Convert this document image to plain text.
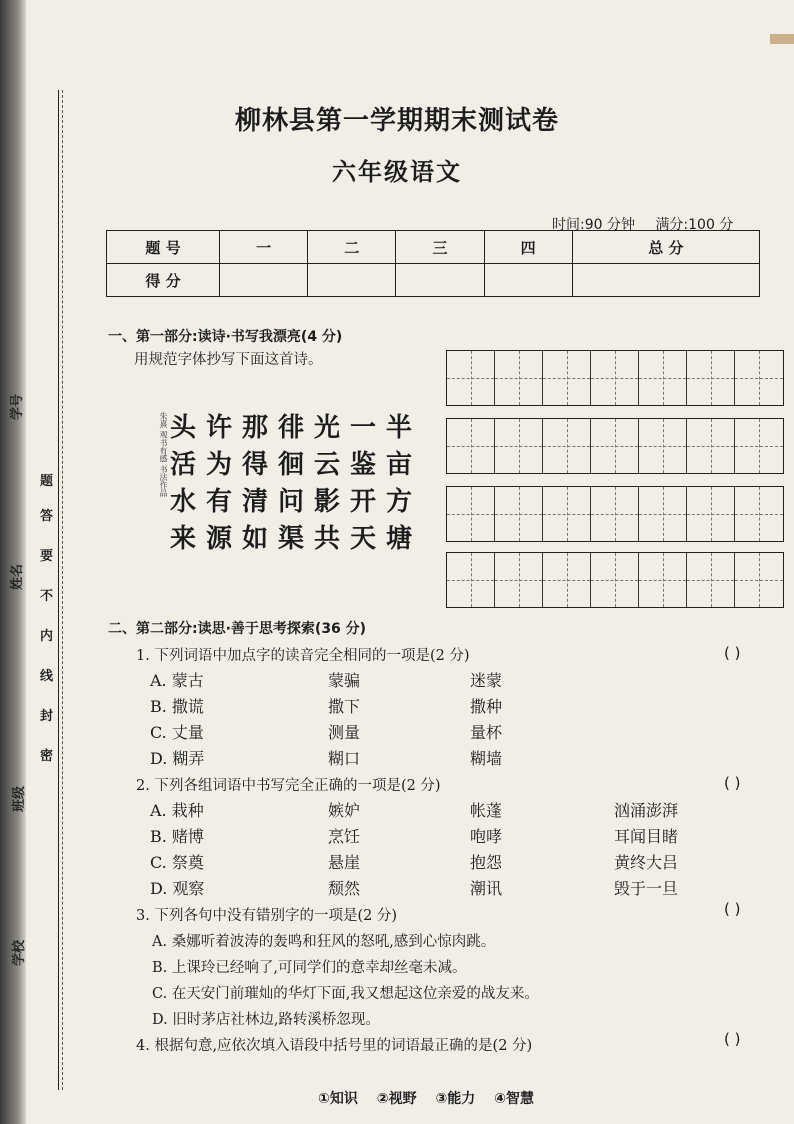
学号
姓名
班级
学校
题
答
要
不
内
线
封
密
柳林县第一学期期末测试卷
六年级语文
时间:90 分钟 满分:100 分
题 号	一	二	三	四	总 分
得 分					
一、第一部分:读诗·书写我漂亮(4 分)
用规范字体抄写下面这首诗。
朱熹 观书有感 书法作品 头许那徘光一半
活为得徊云鉴亩
水有清问影开方
来源如渠共天塘
二、第二部分:读思·善于思考探索(36 分)
1. 下列词语中加点字的读音完全相同的一项是(2 分)	( )
A. 蒙古	蒙骗	迷蒙
B. 撒谎	撒下	撒种
C. 丈量	测量	量杯
D. 糊弄	糊口	糊墙
2. 下列各组词语中书写完全正确的一项是(2 分)	( )
A. 栽种	嫉妒	帐蓬	汹涌澎湃
B. 赌博	烹饪	咆哮	耳闻目睹
C. 祭奠	悬崖	抱怨	黄终大吕
D. 观察	颓然	潮讯	毁于一旦
3. 下列各句中没有错别字的一项是(2 分)	( )
A. 桑娜听着波涛的轰鸣和狂风的怒吼,感到心惊肉跳。
B. 上课玲已经响了,可同学们的意幸却丝毫未减。
C. 在天安门前璀灿的华灯下面,我又想起这位亲爱的战友来。
D. 旧时茅店社林边,路转溪桥忽现。
4. 根据句意,应依次填入语段中括号里的词语最正确的是(2 分)	( )
①知识 ②视野 ③能力 ④智慧
